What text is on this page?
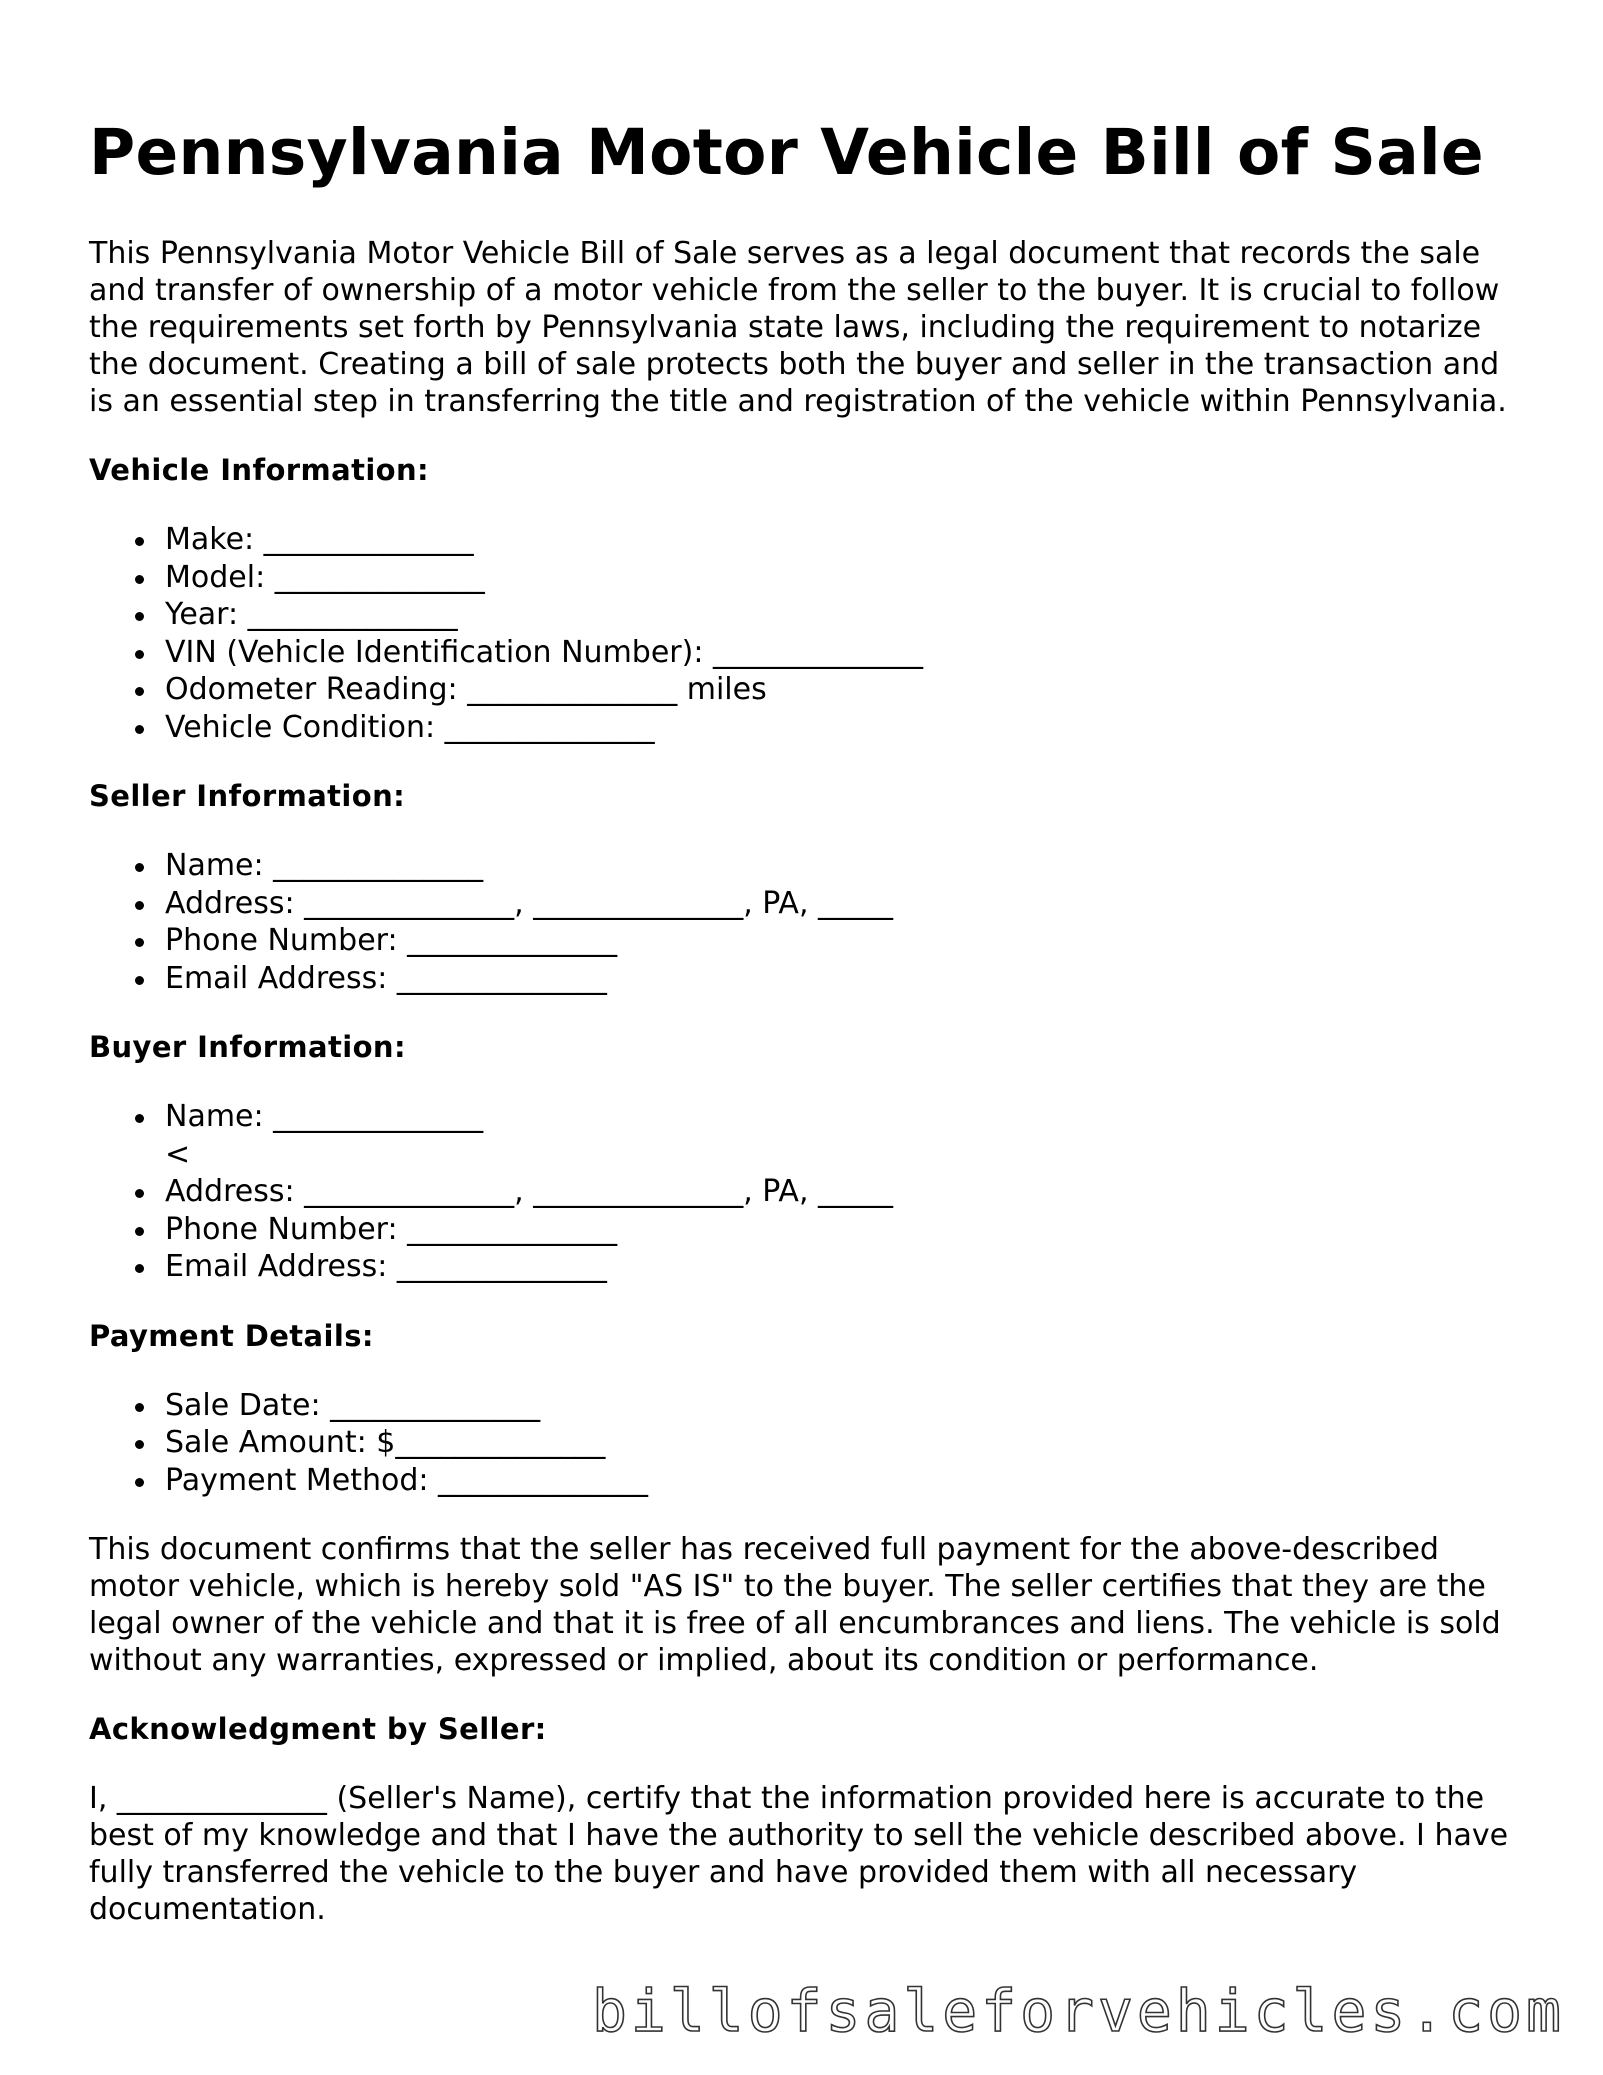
Pennsylvania Motor Vehicle Bill of Sale

This Pennsylvania Motor Vehicle Bill of Sale serves as a legal document that records the sale and transfer of ownership of a motor vehicle from the seller to the buyer. It is crucial to follow the requirements set forth by Pennsylvania state laws, including the requirement to notarize the document. Creating a bill of sale protects both the buyer and seller in the transaction and is an essential step in transferring the title and registration of the vehicle within Pennsylvania.

Vehicle Information:
Make: ______________
Model: ______________
Year: ______________
VIN (Vehicle Identification Number): ______________
Odometer Reading: ______________ miles
Vehicle Condition: ______________
Seller Information:
Name: ______________
Address: ______________, ______________, PA, _____
Phone Number: ______________
Email Address: ______________
Buyer Information:
Name: ______________
<
Address: ______________, ______________, PA, _____
Phone Number: ______________
Email Address: ______________
Payment Details:
Sale Date: ______________
Sale Amount: $______________
Payment Method: ______________

This document confirms that the seller has received full payment for the above-described motor vehicle, which is hereby sold "AS IS" to the buyer. The seller certifies that they are the legal owner of the vehicle and that it is free of all encumbrances and liens. The vehicle is sold without any warranties, expressed or implied, about its condition or performance.

Acknowledgment by Seller:

I, ______________ (Seller's Name), certify that the information provided here is accurate to the best of my knowledge and that I have the authority to sell the vehicle described above. I have fully transferred the vehicle to the buyer and have provided them with all necessary documentation.

billofsaleforvehicles.com
